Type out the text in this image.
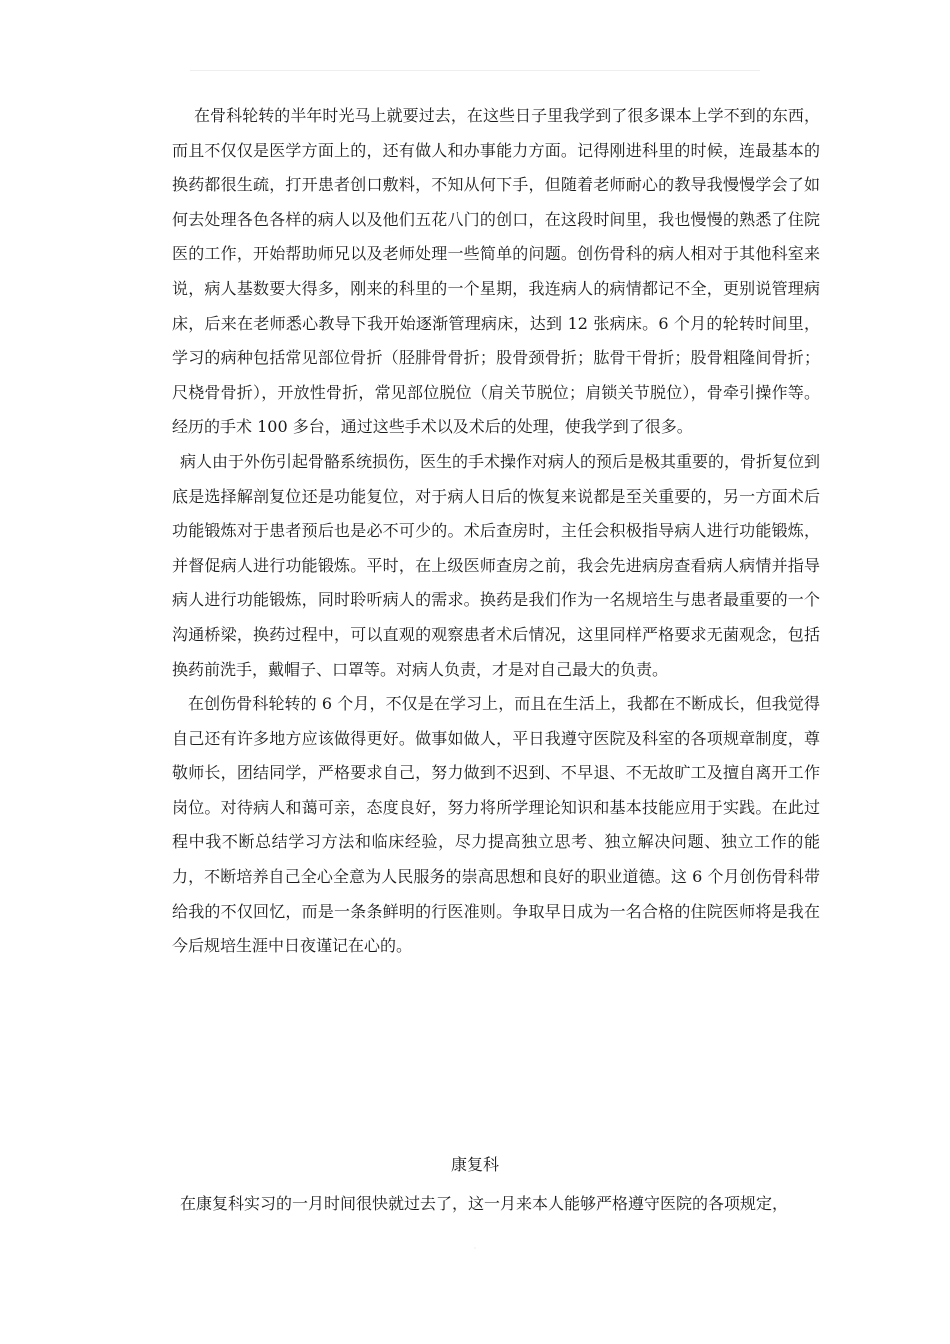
在骨科轮转的半年时光马上就要过去，在这些日子里我学到了很多课本上学不到的东西，而且不仅仅是医学方面上的，还有做人和办事能力方面。记得刚进科里的时候，连最基本的换药都很生疏，打开患者创口敷料，不知从何下手，但随着老师耐心的教导我慢慢学会了如何去处理各色各样的病人以及他们五花八门的创口，在这段时间里，我也慢慢的熟悉了住院医的工作，开始帮助师兄以及老师处理一些简单的问题。创伤骨科的病人相对于其他科室来说，病人基数要大得多，刚来的科里的一个星期，我连病人的病情都记不全，更别说管理病床，后来在老师悉心教导下我开始逐渐管理病床，达到 12 张病床。6 个月的轮转时间里，学习的病种包括常见部位骨折（胫腓骨骨折；股骨颈骨折；肱骨干骨折；股骨粗隆间骨折；尺桡骨骨折），开放性骨折，常见部位脱位（肩关节脱位；肩锁关节脱位），骨牵引操作等。经历的手术 100 多台，通过这些手术以及术后的处理，使我学到了很多。

病人由于外伤引起骨骼系统损伤，医生的手术操作对病人的预后是极其重要的，骨折复位到底是选择解剖复位还是功能复位，对于病人日后的恢复来说都是至关重要的，另一方面术后功能锻炼对于患者预后也是必不可少的。术后查房时，主任会积极指导病人进行功能锻炼，并督促病人进行功能锻炼。平时，在上级医师查房之前，我会先进病房查看病人病情并指导病人进行功能锻炼，同时聆听病人的需求。换药是我们作为一名规培生与患者最重要的一个沟通桥梁，换药过程中，可以直观的观察患者术后情况，这里同样严格要求无菌观念，包括换药前洗手，戴帽子、口罩等。对病人负责，才是对自己最大的负责。

在创伤骨科轮转的 6 个月，不仅是在学习上，而且在生活上，我都在不断成长，但我觉得自己还有许多地方应该做得更好。做事如做人，平日我遵守医院及科室的各项规章制度，尊敬师长，团结同学，严格要求自己，努力做到不迟到、不早退、不无故旷工及擅自离开工作岗位。对待病人和蔼可亲，态度良好，努力将所学理论知识和基本技能应用于实践。在此过程中我不断总结学习方法和临床经验，尽力提高独立思考、独立解决问题、独立工作的能力，不断培养自己全心全意为人民服务的崇高思想和良好的职业道德。这 6 个月创伤骨科带给我的不仅回忆，而是一条条鲜明的行医准则。争取早日成为一名合格的住院医师将是我在今后规培生涯中日夜谨记在心的。

康复科

在康复科实习的一月时间很快就过去了，这一月来本人能够严格遵守医院的各项规定，

·
